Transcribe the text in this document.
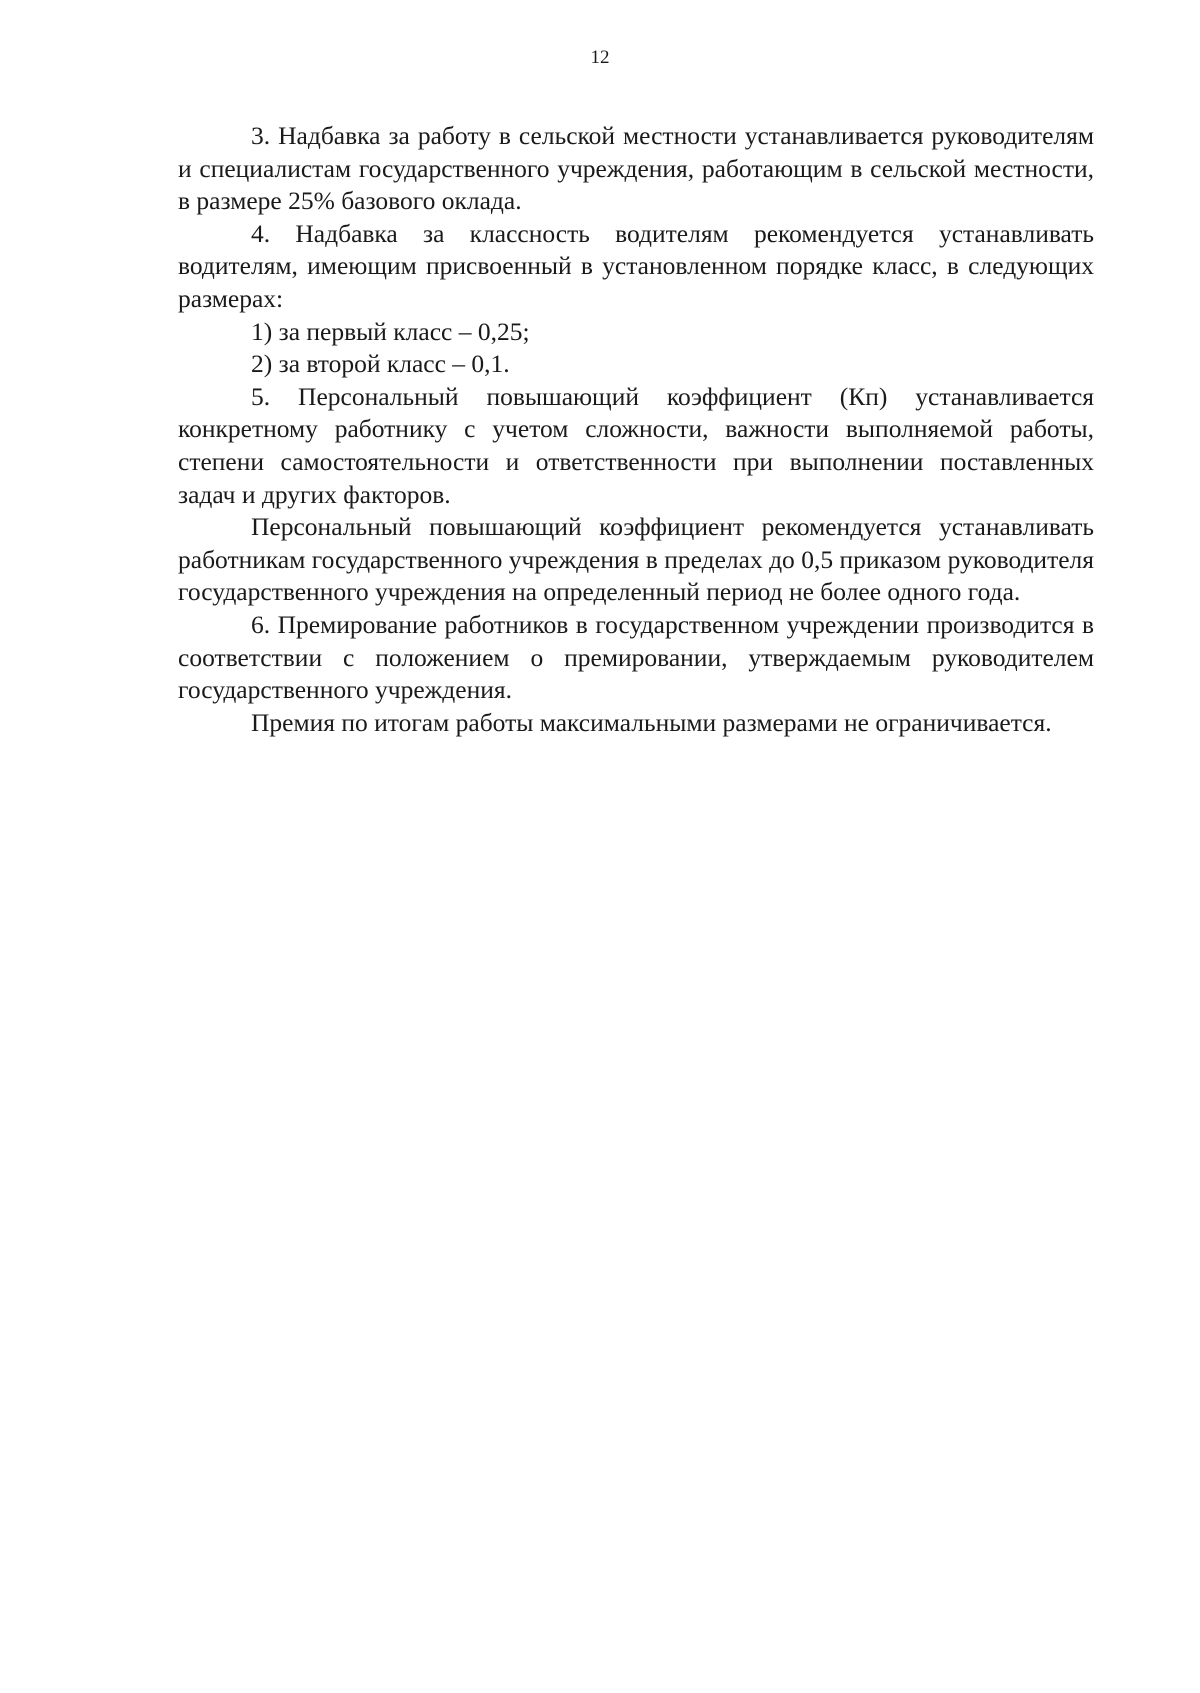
12

3. Надбавка за работу в сельской местности устанавливается руководителям и специалистам государственного учреждения, работающим в сельской местности, в размере 25% базового оклада.

4. Надбавка за классность водителям рекомендуется устанавливать водителям, имеющим присвоенный в установленном порядке класс, в следующих размерах:

1) за первый класс – 0,25;

2) за второй класс – 0,1.

5. Персональный повышающий коэффициент (Кп) устанавливается конкретному работнику с учетом сложности, важности выполняемой работы, степени самостоятельности и ответственности при выполнении поставленных задач и других факторов.

Персональный повышающий коэффициент рекомендуется устанавливать работникам государственного учреждения в пределах до 0,5 приказом руководителя государственного учреждения на определенный период не более одного года.

6. Премирование работников в государственном учреждении производится в соответствии с положением о премировании, утверждаемым руководителем государственного учреждения.

Премия по итогам работы максимальными размерами не ограничивается.
